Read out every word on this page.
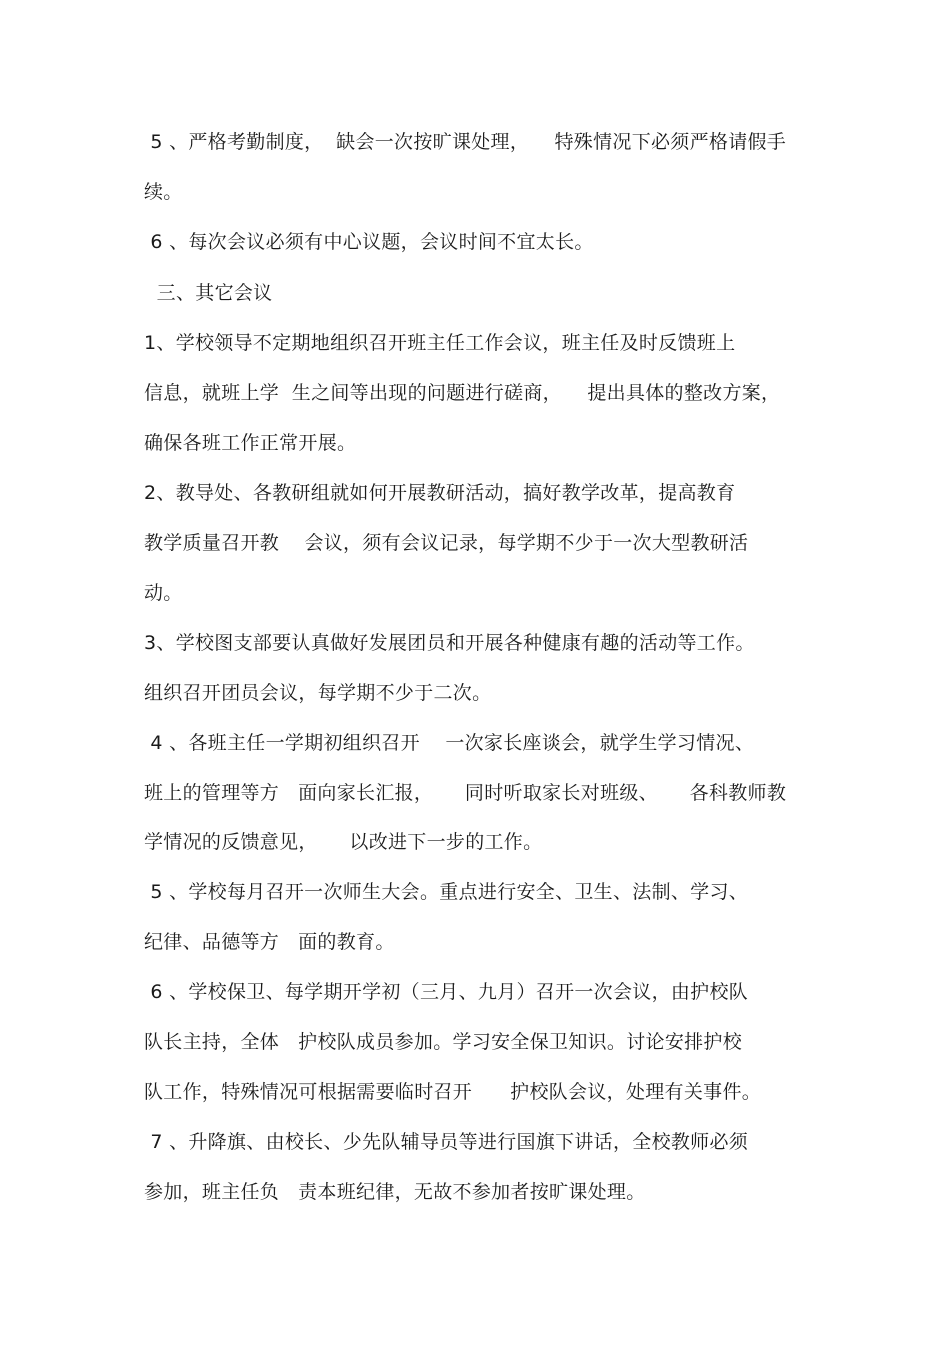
5 、严格考勤制度，  缺会一次按旷课处理，    特殊情况下必须严格请假手
续。
6 、每次会议必须有中心议题，会议时间不宜太长。
三、其它会议
1、学校领导不定期地组织召开班主任工作会议，班主任及时反馈班上
信息，就班上学  生之间等出现的问题进行磋商，    提出具体的整改方案，
确保各班工作正常开展。
2、教导处、各教研组就如何开展教研活动，搞好教学改革，提高教育
教学质量召开教    会议，须有会议记录，每学期不少于一次大型教研活
动。
3、学校图支部要认真做好发展团员和开展各种健康有趣的活动等工作。
组织召开团员会议，每学期不少于二次。
4 、各班主任一学期初组织召开    一次家长座谈会，就学生学习情况、
班上的管理等方   面向家长汇报，     同时听取家长对班级、     各科教师教
学情况的反馈意见，     以改进下一步的工作。
5 、学校每月召开一次师生大会。重点进行安全、卫生、法制、学习、
纪律、品德等方   面的教育。
6 、学校保卫、每学期开学初（三月、九月）召开一次会议，由护校队
队长主持，全体   护校队成员参加。学习安全保卫知识。讨论安排护校
队工作，特殊情况可根据需要临时召开      护校队会议，处理有关事件。
7 、升降旗、由校长、少先队辅导员等进行国旗下讲话，全校教师必须
参加，班主任负   责本班纪律，无故不参加者按旷课处理。
